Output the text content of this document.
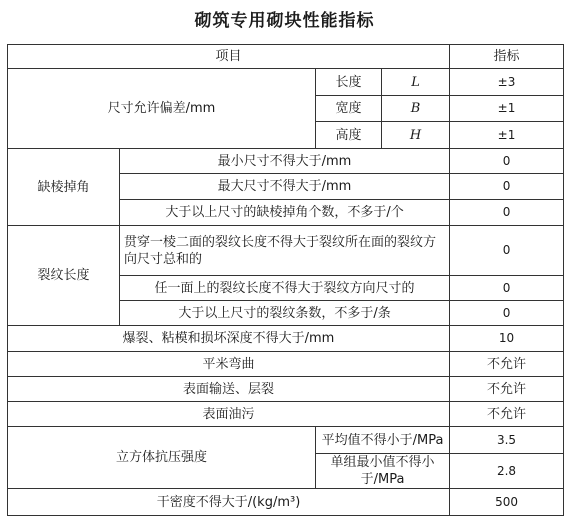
砌筑专用砌块性能指标
项目				指标
尺寸允许偏差/mm		长度	L	±3
		宽度	B	±1
		高度	H	±1
缺棱掉角	最小尺寸不得大于/mm			0
	最大尺寸不得大于/mm			0
	大于以上尺寸的缺棱掉角个数，不多于/个			0
裂纹长度	贯穿一棱二面的裂纹长度不得大于裂纹所在面的裂纹方向尺寸总和的			0
	任一面上的裂纹长度不得大于裂纹方向尺寸的			0
	大于以上尺寸的裂纹条数，不多于/条			0
爆裂、粘模和损坏深度不得大于/mm				10
平米弯曲				不允许
表面输送、层裂				不允许
表面油污				不允许
立方体抗压强度		平均值不得小于/MPa		3.5
		单组最小值不得小于/MPa		2.8
干密度不得大于/(kg/m³)				500
